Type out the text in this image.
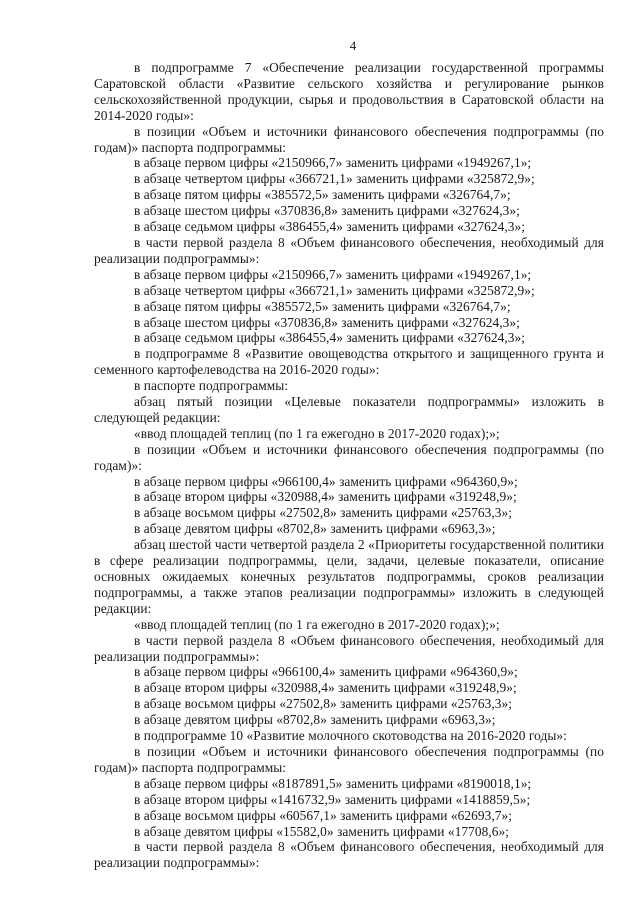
4

в подпрограмме 7 «Обеспечение реализации государственной программы Саратовской области «Развитие сельского хозяйства и регулирование рынков сельскохозяйственной продукции, сырья и продовольствия в Саратовской области на 2014-2020 годы»:

в позиции «Объем и источники финансового обеспечения подпрограммы (по годам)» паспорта подпрограммы:

в абзаце первом цифры «2150966,7» заменить цифрами «1949267,1»;

в абзаце четвертом цифры «366721,1» заменить цифрами «325872,9»;

в абзаце пятом цифры «385572,5» заменить цифрами «326764,7»;

в абзаце шестом цифры «370836,8» заменить цифрами «327624,3»;

в абзаце седьмом цифры «386455,4» заменить цифрами «327624,3»;

в части первой раздела 8 «Объем финансового обеспечения, необходимый для реализации подпрограммы»:

в абзаце первом цифры «2150966,7» заменить цифрами «1949267,1»;

в абзаце четвертом цифры «366721,1» заменить цифрами «325872,9»;

в абзаце пятом цифры «385572,5» заменить цифрами «326764,7»;

в абзаце шестом цифры «370836,8» заменить цифрами «327624,3»;

в абзаце седьмом цифры «386455,4» заменить цифрами «327624,3»;

в подпрограмме 8 «Развитие овощеводства открытого и защищенного грунта и семенного картофелеводства на 2016-2020 годы»:

в паспорте подпрограммы:

абзац пятый позиции «Целевые показатели подпрограммы» изложить в следующей редакции:

«ввод площадей теплиц (по 1 га ежегодно в 2017-2020 годах);»;

в позиции «Объем и источники финансового обеспечения подпрограммы (по годам)»:

в абзаце первом цифры «966100,4» заменить цифрами «964360,9»;

в абзаце втором цифры «320988,4» заменить цифрами «319248,9»;

в абзаце восьмом цифры «27502,8» заменить цифрами «25763,3»;

в абзаце девятом цифры «8702,8» заменить цифрами «6963,3»;

абзац шестой части четвертой раздела 2 «Приоритеты государственной политики в сфере реализации подпрограммы, цели, задачи, целевые показатели, описание основных ожидаемых конечных результатов подпрограммы, сроков реализации подпрограммы, а также этапов реализации подпрограммы» изложить в следующей редакции:

«ввод площадей теплиц (по 1 га ежегодно в 2017-2020 годах);»;

в части первой раздела 8 «Объем финансового обеспечения, необходимый для реализации подпрограммы»:

в абзаце первом цифры «966100,4» заменить цифрами «964360,9»;

в абзаце втором цифры «320988,4» заменить цифрами «319248,9»;

в абзаце восьмом цифры «27502,8» заменить цифрами «25763,3»;

в абзаце девятом цифры «8702,8» заменить цифрами «6963,3»;

в подпрограмме 10 «Развитие молочного скотоводства на 2016-2020 годы»:

в позиции «Объем и источники финансового обеспечения подпрограммы (по годам)» паспорта подпрограммы:

в абзаце первом цифры «8187891,5» заменить цифрами «8190018,1»;

в абзаце втором цифры «1416732,9» заменить цифрами «1418859,5»;

в абзаце восьмом цифры «60567,1» заменить цифрами «62693,7»;

в абзаце девятом цифры «15582,0» заменить цифрами «17708,6»;

в части первой раздела 8 «Объем финансового обеспечения, необходимый для реализации подпрограммы»:
